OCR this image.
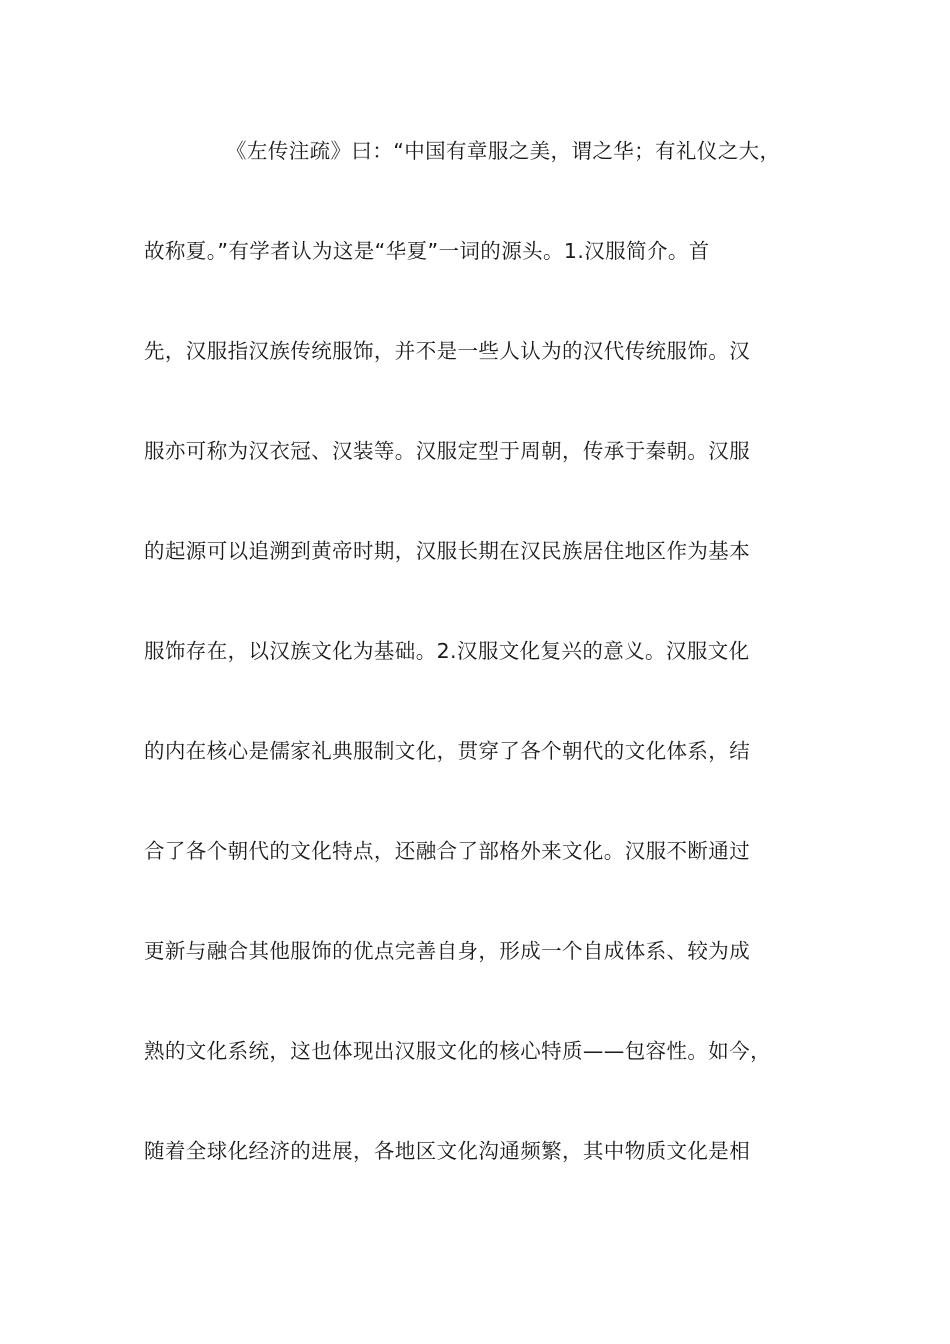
《左传注疏》曰：“中国有章服之美，谓之华；有礼仪之大，
故称夏。”有学者认为这是“华夏”一词的源头。1.汉服简介。首
先，汉服指汉族传统服饰，并不是一些人认为的汉代传统服饰。汉
服亦可称为汉衣冠、汉装等。汉服定型于周朝，传承于秦朝。汉服
的起源可以追溯到黄帝时期，汉服长期在汉民族居住地区作为基本
服饰存在，以汉族文化为基础。2.汉服文化复兴的意义。汉服文化
的内在核心是儒家礼典服制文化，贯穿了各个朝代的文化体系，结
合了各个朝代的文化特点，还融合了部格外来文化。汉服不断通过
更新与融合其他服饰的优点完善自身，形成一个自成体系、较为成
熟的文化系统，这也体现出汉服文化的核心特质——包容性。如今，
随着全球化经济的进展，各地区文化沟通频繁，其中物质文化是相
